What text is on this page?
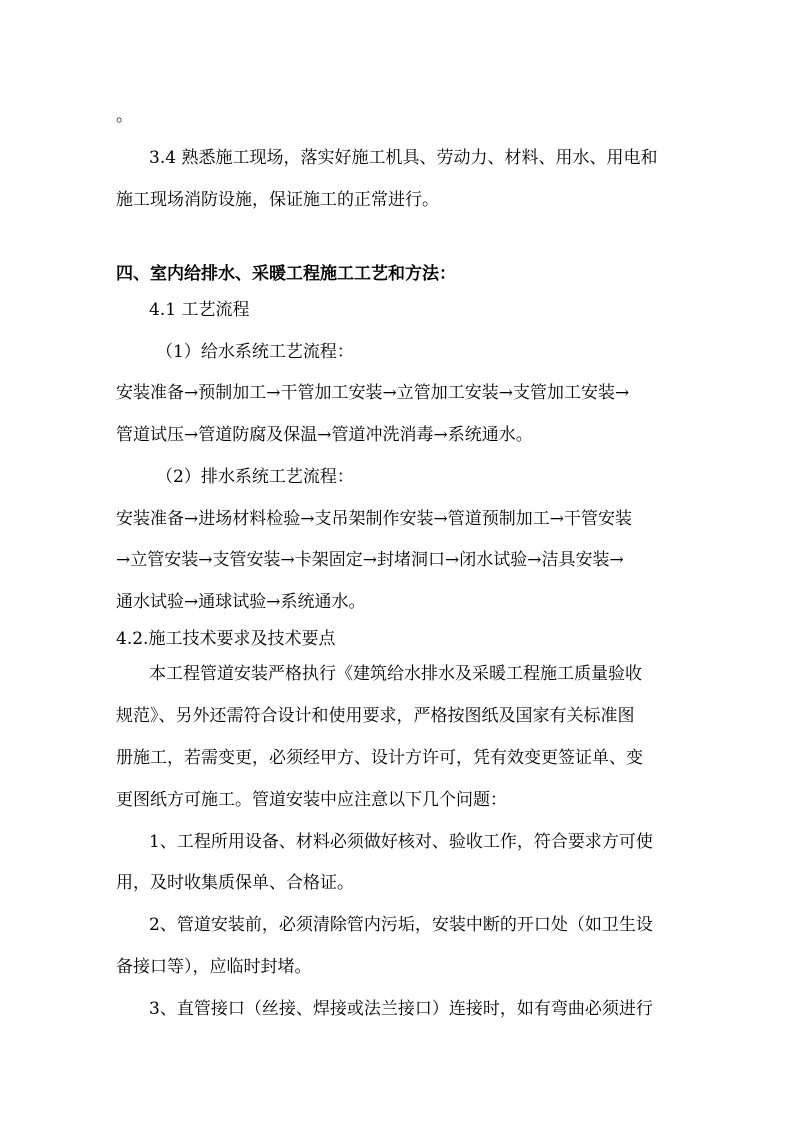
。
3.4 熟悉施工现场，落实好施工机具、劳动力、材料、用水、用电和
施工现场消防设施，保证施工的正常进行。
四、室内给排水、采暖工程施工工艺和方法：
4.1 工艺流程
（1）给水系统工艺流程：
安装准备→预制加工→干管加工安装→立管加工安装→支管加工安装→
管道试压→管道防腐及保温→管道冲洗消毒→系统通水。
（2）排水系统工艺流程：
安装准备→进场材料检验→支吊架制作安装→管道预制加工→干管安装
→立管安装→支管安装→卡架固定→封堵洞口→闭水试验→洁具安装→
通水试验→通球试验→系统通水。
4.2.施工技术要求及技术要点
本工程管道安装严格执行《建筑给水排水及采暖工程施工质量验收
规范》、另外还需符合设计和使用要求，严格按图纸及国家有关标准图
册施工，若需变更，必须经甲方、设计方许可，凭有效变更签证单、变
更图纸方可施工。管道安装中应注意以下几个问题：
1、工程所用设备、材料必须做好核对、验收工作，符合要求方可使
用，及时收集质保单、合格证。
2、管道安装前，必须清除管内污垢，安装中断的开口处（如卫生设
备接口等），应临时封堵。
3、直管接口（丝接、焊接或法兰接口）连接时，如有弯曲必须进行
